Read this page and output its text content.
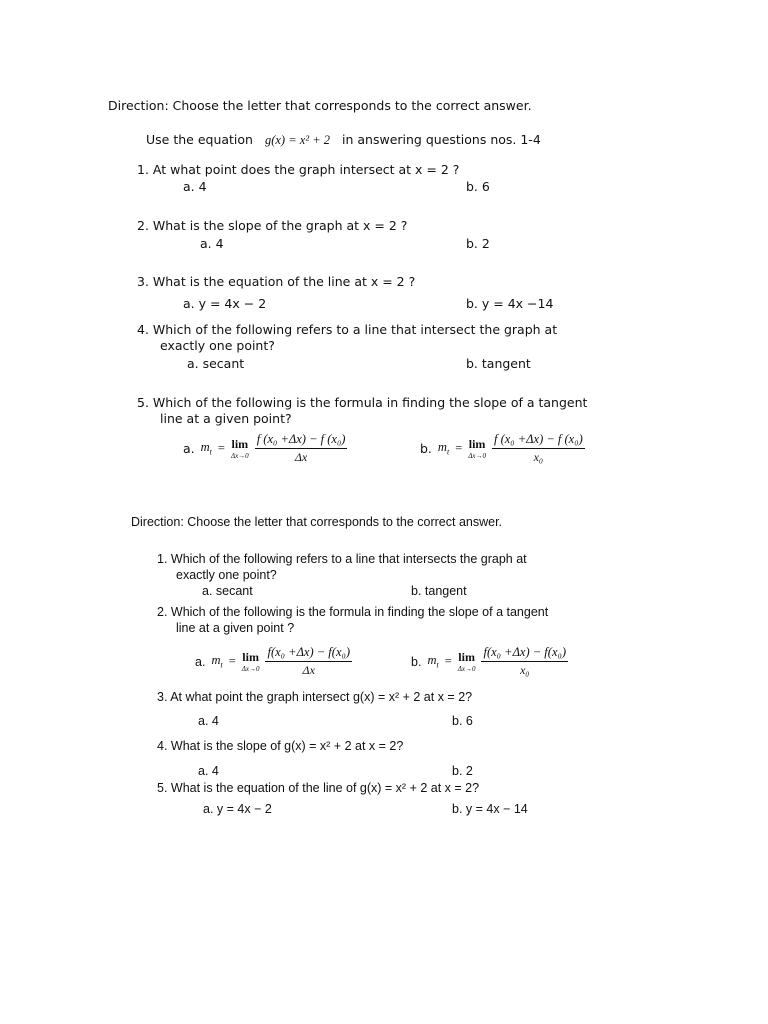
Direction: Choose the letter that corresponds to the correct answer.
Use the equation g(x) = x² + 2 in answering questions nos. 1-4
1. At what point does the graph intersect at x = 2 ?
a. 4	b. 6
2. What is the slope of the graph at x = 2 ?
a. 4	b. 2
3. What is the equation of the line at x = 2 ?
a. y = 4x − 2	b. y = 4x −14
4. Which of the following refers to a line that intersect the graph at
exactly one point?
a. secant	b. tangent
5. Which of the following is the formula in finding the slope of a tangent
line at a given point?
a. $m_t = \lim$
$\Delta x\to 0 \frac{\text{f (x₀ +Δx) − f (x₀)}}{\Delta x}$	b. $m_t = \lim$
$\Delta x\to 0 \frac{\text{f (x₀ +Δx) − f (x₀)}}{\text{x₀}}$
Direction: Choose the letter that corresponds to the correct answer.
1. Which of the following refers to a line that intersects the graph at
exactly one point?
a. secant	b. tangent
2. Which of the following is the formula in finding the slope of a tangent
line at a given point ?
a. $m_t = \lim$
$\Delta x\to 0 \frac{\text{f(x₀ +Δx) − f(x₀)}}{\Delta x}$	b. $m_t = \lim$
$\Delta x\to 0 \frac{\text{f(x₀ +Δx) − f(x₀)}}{\text{x₀}}$
3. At what point the graph intersect g(x) = x² + 2 at x = 2?
a. 4	b. 6
4. What is the slope of g(x) = x² + 2 at x = 2?
a. 4	b. 2
5. What is the equation of the line of g(x) = x² + 2 at x = 2?
a. y = 4x − 2	b. y = 4x − 14
